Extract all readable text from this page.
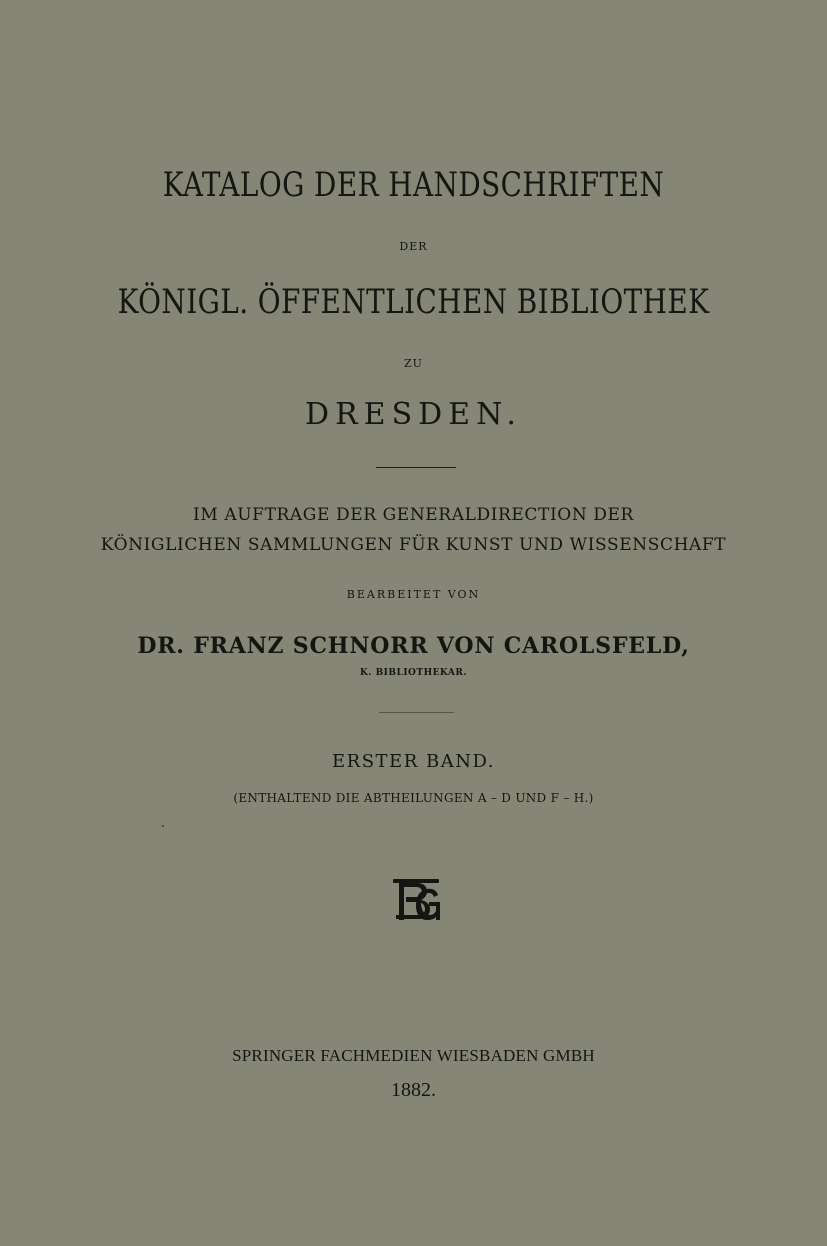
KATALOG DER HANDSCHRIFTEN
DER
KÖNIGL. ÖFFENTLICHEN BIBLIOTHEK
ZU
DRESDEN.
IM AUFTRAGE DER GENERALDIRECTION DER
KÖNIGLICHEN SAMMLUNGEN FÜR KUNST UND WISSENSCHAFT
BEARBEITET VON
DR. FRANZ SCHNORR VON CAROLSFELD,
K. BIBLIOTHEKAR.
ERSTER BAND.
(ENTHALTEND DIE ABTHEILUNGEN A – D UND F – H.)
SPRINGER FACHMEDIEN WIESBADEN GMBH
1882.
